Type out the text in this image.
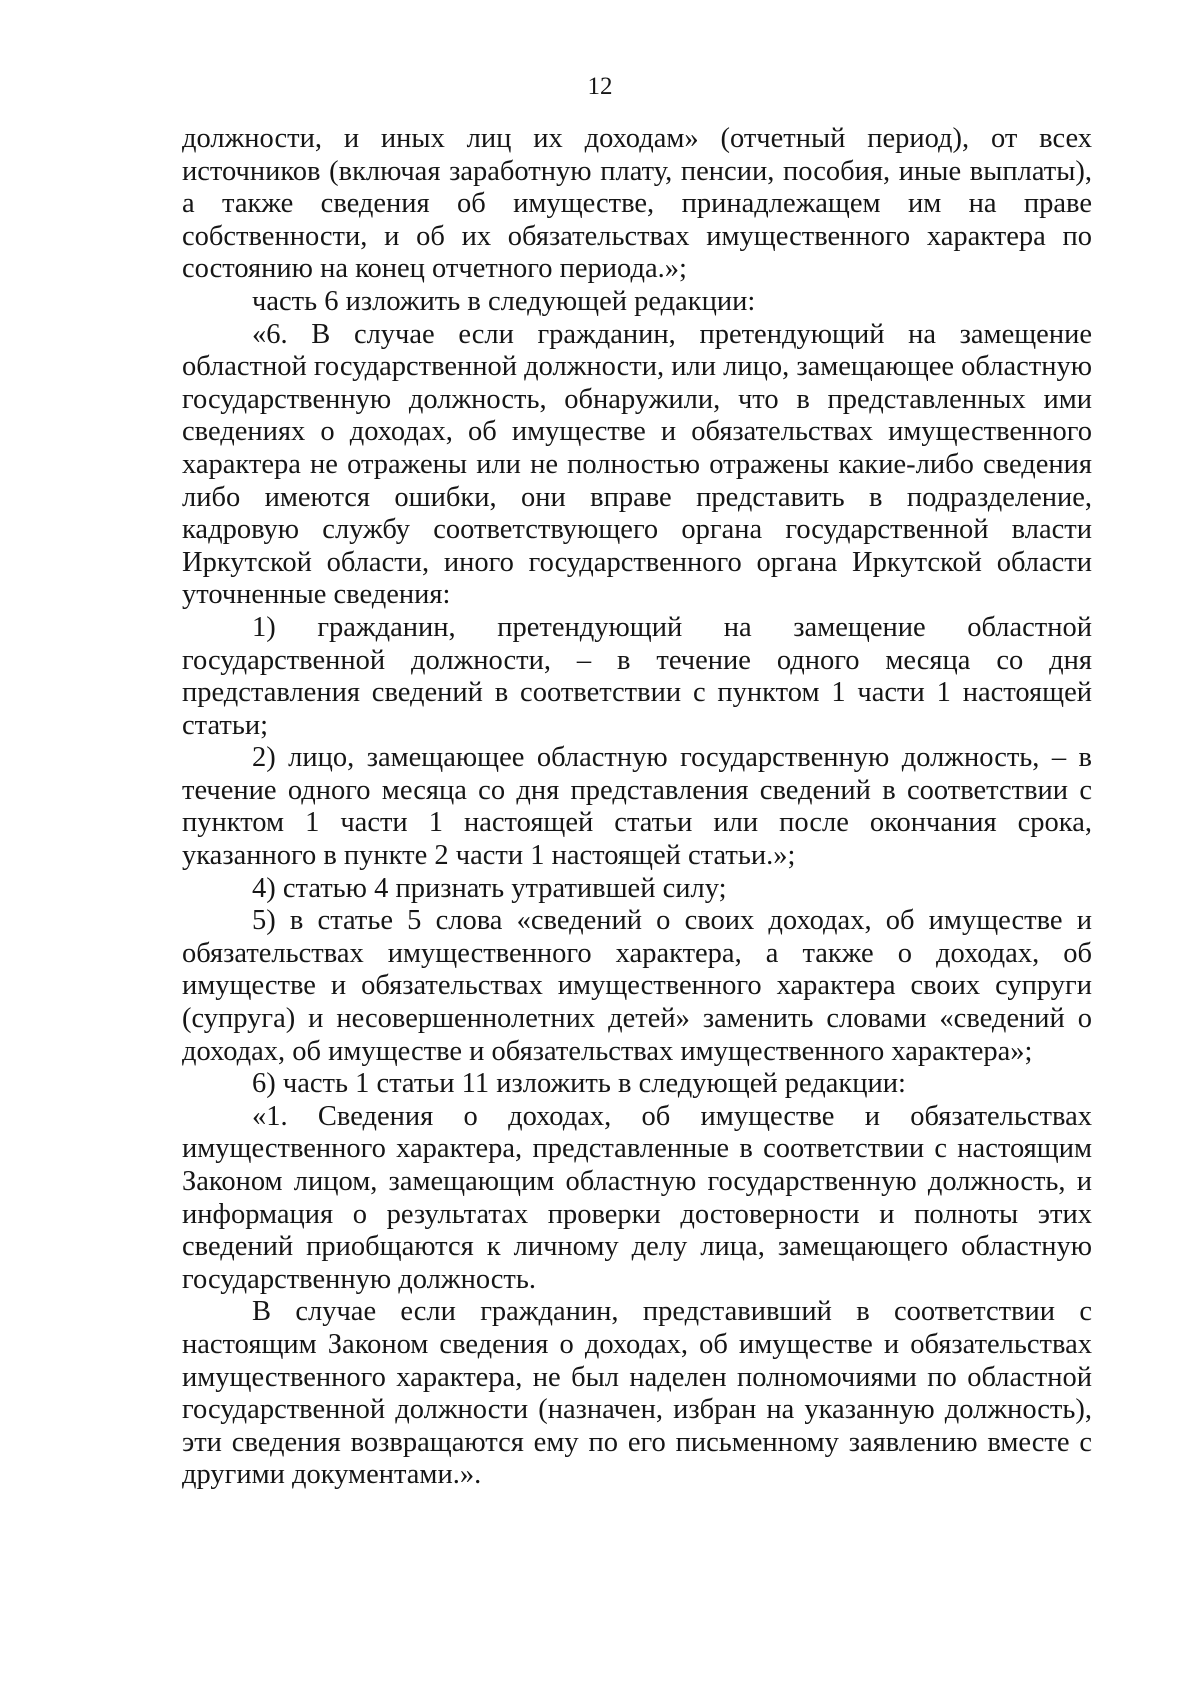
12

должности, и иных лиц их доходам» (отчетный период), от всех источников (включая заработную плату, пенсии, пособия, иные выплаты), а также сведения об имуществе, принадлежащем им на праве собственности, и об их обязательствах имущественного характера по состоянию на конец отчетного периода.»;

часть 6 изложить в следующей редакции:

«6. В случае если гражданин, претендующий на замещение областной государственной должности, или лицо, замещающее областную государственную должность, обнаружили, что в представленных ими сведениях о доходах, об имуществе и обязательствах имущественного характера не отражены или не полностью отражены какие-либо сведения либо имеются ошибки, они вправе представить в подразделение, кадровую службу соответствующего органа государственной власти Иркутской области, иного государственного органа Иркутской области уточненные сведения:

1) гражданин, претендующий на замещение областной государственной должности, – в течение одного месяца со дня представления сведений в соответствии с пунктом 1 части 1 настоящей статьи;

2) лицо, замещающее областную государственную должность, – в течение одного месяца со дня представления сведений в соответствии с пунктом 1 части 1 настоящей статьи или после окончания срока, указанного в пункте 2 части 1 настоящей статьи.»;

4) статью 4 признать утратившей силу;

5) в статье 5 слова «сведений о своих доходах, об имуществе и обязательствах имущественного характера, а также о доходах, об имуществе и обязательствах имущественного характера своих супруги (супруга) и несовершеннолетних детей» заменить словами «сведений о доходах, об имуществе и обязательствах имущественного характера»;

6) часть 1 статьи 11 изложить в следующей редакции:

«1. Сведения о доходах, об имуществе и обязательствах имущественного характера, представленные в соответствии с настоящим Законом лицом, замещающим областную государственную должность, и информация о результатах проверки достоверности и полноты этих сведений приобщаются к личному делу лица, замещающего областную государственную должность.

В случае если гражданин, представивший в соответствии с настоящим Законом сведения о доходах, об имуществе и обязательствах имущественного характера, не был наделен полномочиями по областной государственной должности (назначен, избран на указанную должность), эти сведения возвращаются ему по его письменному заявлению вместе с другими документами.».
